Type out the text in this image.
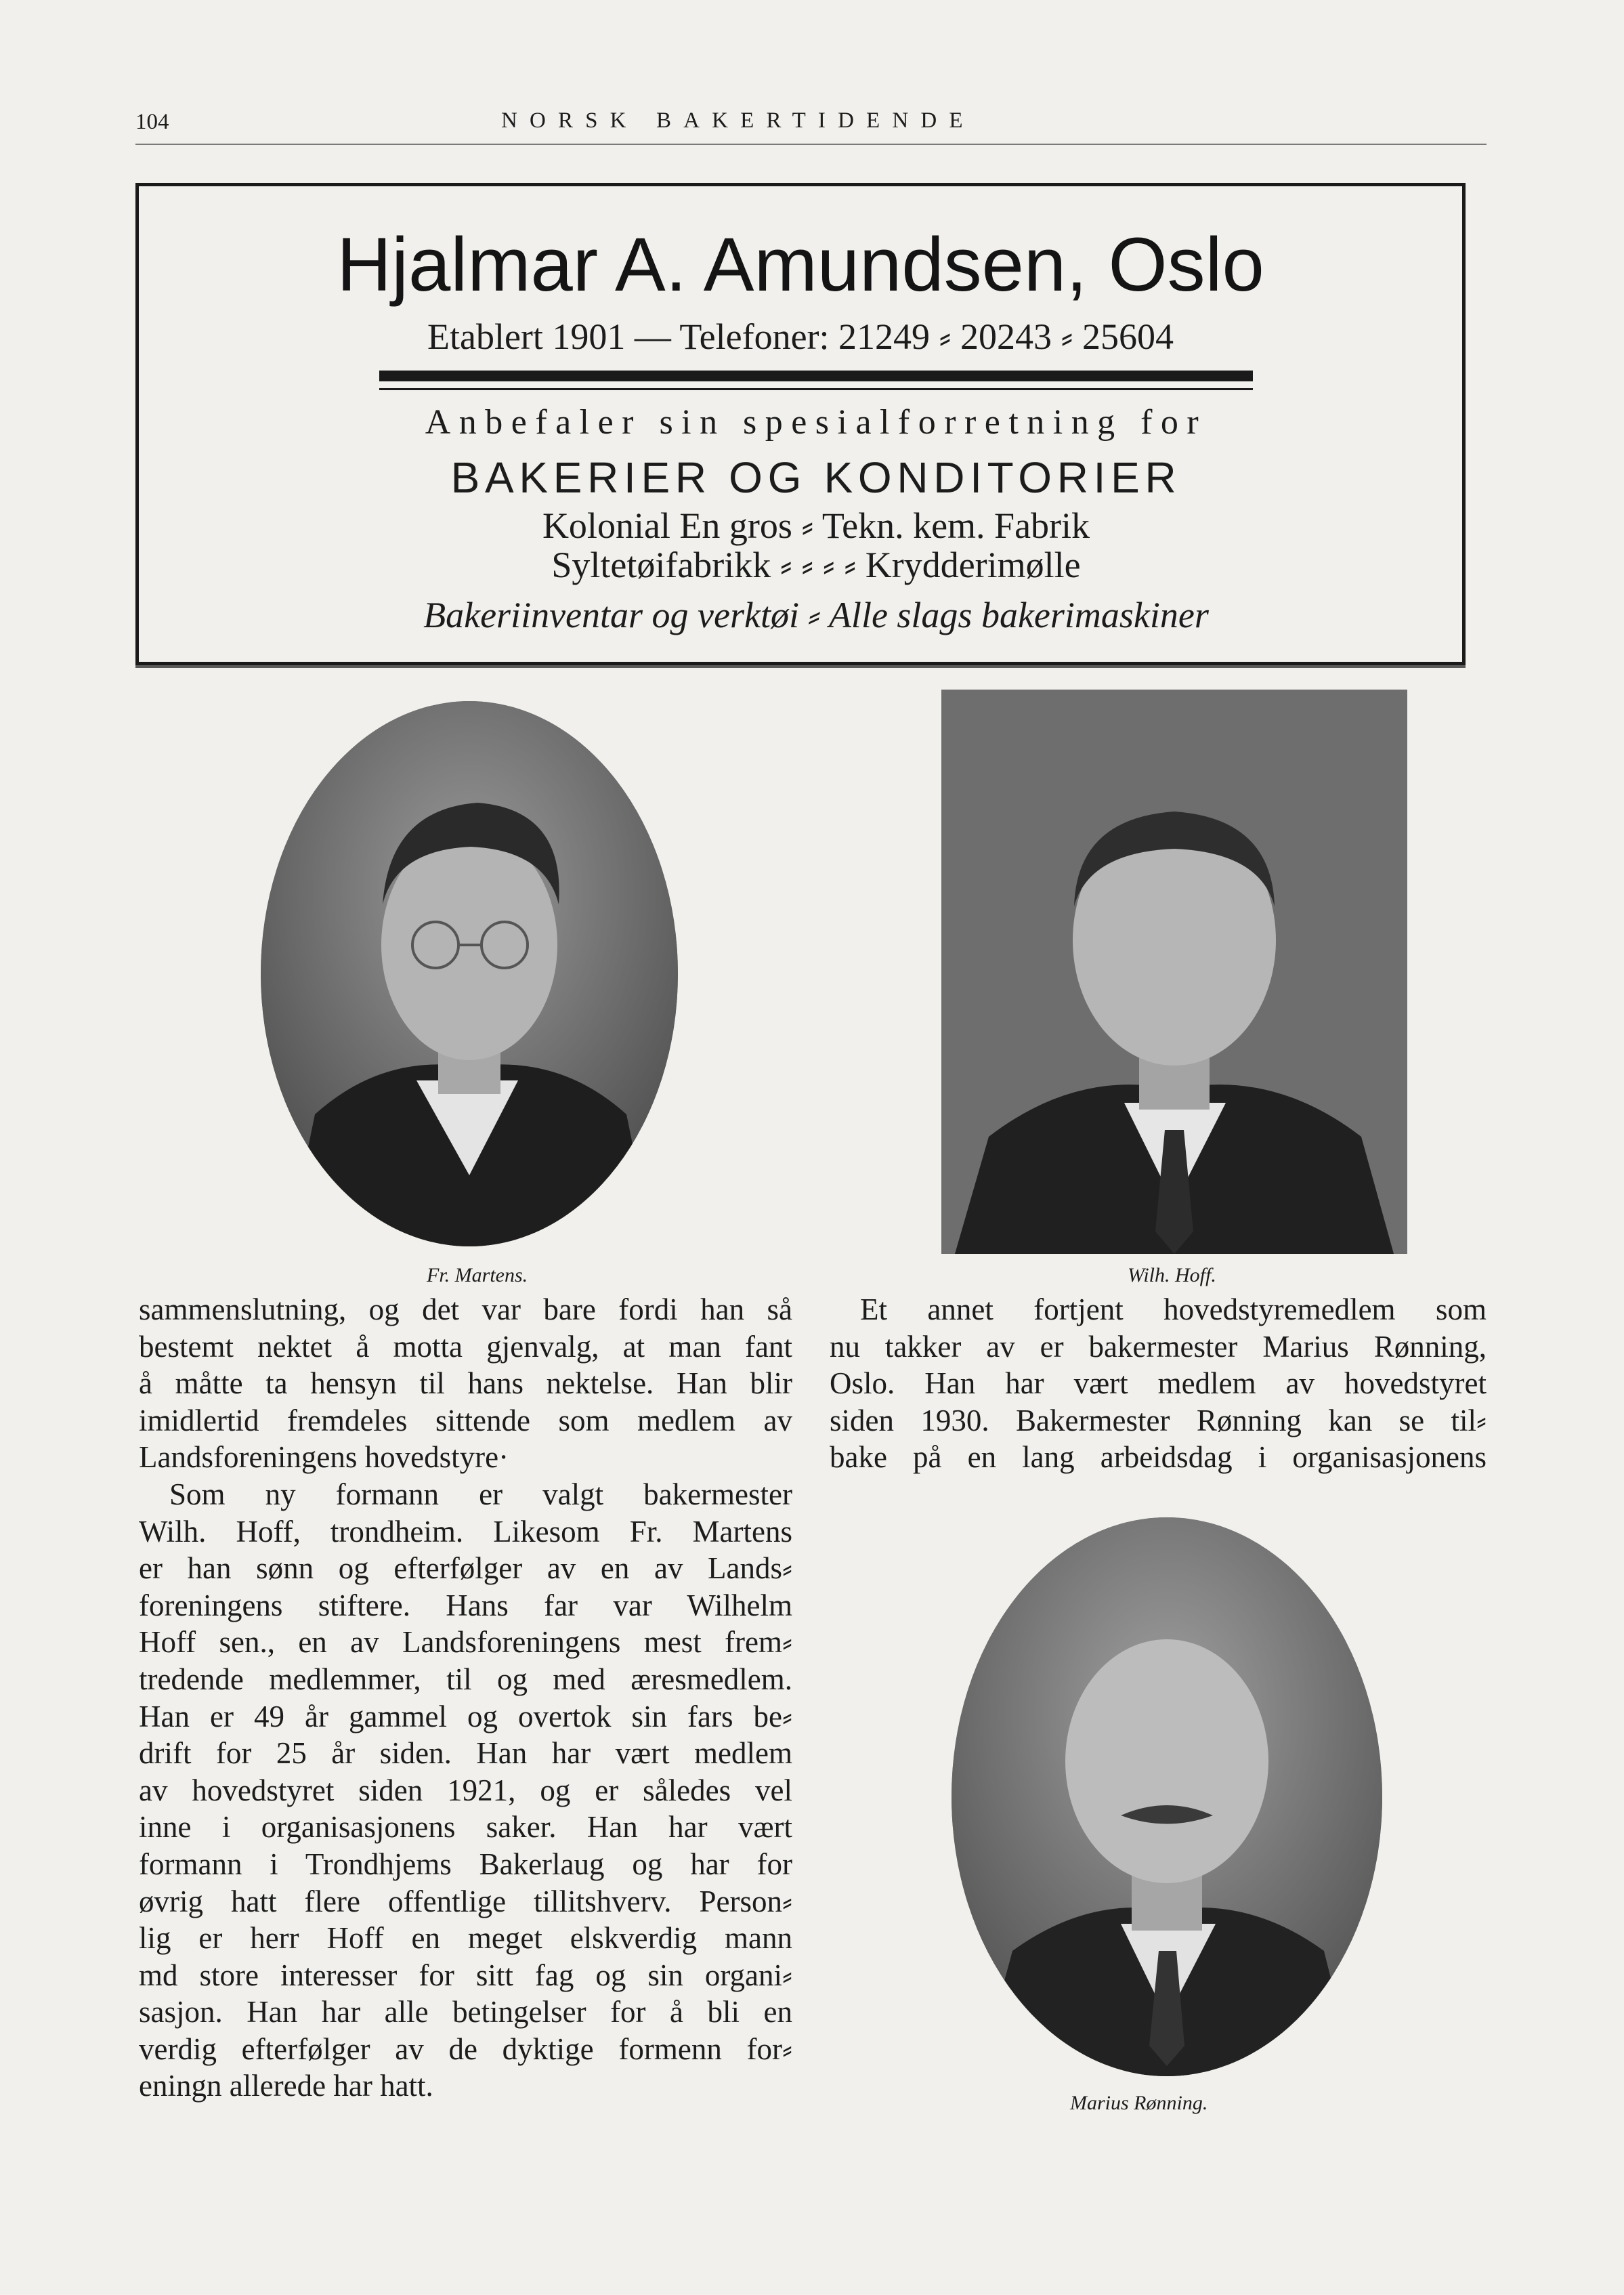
104	NORSK BAKERTIDENDE
Hjalmar A. Amundsen, Oslo
Etablert 1901 — Telefoner: 21249 ⸗ 20243 ⸗ 25604
Anbefaler sin spesialforretning for
BAKERIER OG KONDITORIER
Kolonial En gros ⸗ Tekn. kem. Fabrik
Syltetøifabrikk ⸗ ⸗ ⸗ ⸗ Krydderimølle
Bakeriinventar og verktøi ⸗ Alle slags bakerimaskiner
Fr. Martens.	Wilh. Hoff.
Marius Rønning.

sammenslutning, og det var bare fordi han så
bestemt nektet å motta gjenvalg, at man fant
å måtte ta hensyn til hans nektelse. Han blir
imidlertid fremdeles sittende som medlem av
Landsforeningens hovedstyre·

Som ny formann er valgt bakermester
Wilh. Hoff, trondheim. Likesom Fr. Martens
er han sønn og efterfølger av en av Lands⸗
foreningens stiftere. Hans far var Wilhelm
Hoff sen., en av Landsforeningens mest frem⸗
tredende medlemmer, til og med æresmedlem.
Han er 49 år gammel og overtok sin fars be⸗
drift for 25 år siden. Han har vært medlem
av hovedstyret siden 1921, og er således vel
inne i organisasjonens saker. Han har vært
formann i Trondhjems Bakerlaug og har for
øvrig hatt flere offentlige tillitshverv. Person⸗
lig er herr Hoff en meget elskverdig mann
md store interesser for sitt fag og sin organi⸗
sasjon. Han har alle betingelser for å bli en
verdig efterfølger av de dyktige formenn for⸗
eningn allerede har hatt.

Et annet fortjent hovedstyremedlem som
nu takker av er bakermester Marius Rønning,
Oslo. Han har vært medlem av hovedstyret
siden 1930. Bakermester Rønning kan se til⸗
bake på en lang arbeidsdag i organisasjonens
